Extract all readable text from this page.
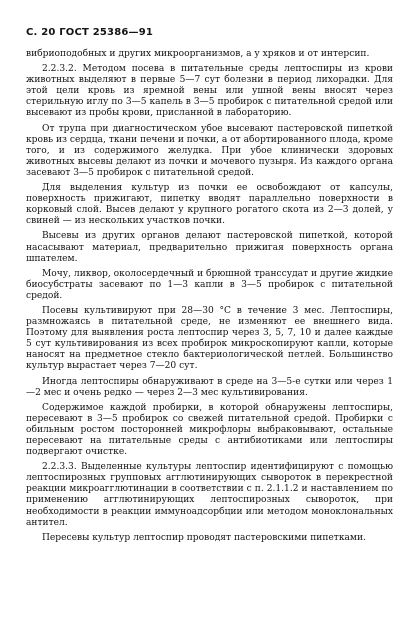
С. 20 ГОСТ 25386—91

вибриоподобных и других микроорганизмов, а у хряков и от интерсип.

2.2.3.2. Методом посева в питательные среды лептоспиры из крови животных выделяют в первые 5—7 сут болезни в период лихорадки. Для этой цели кровь из яремной вены или ушной вены вносят через стерильную иглу по 3—5 капель в 3—5 пробирок с питательной средой или высевают из пробы крови, присланной в лабораторию.

От трупа при диагностическом убое высевают пастеровской пипеткой кровь из сердца, ткани печени и почки, а от абортированного плода, кроме того, и из содержимого желудка. При убое клинически здоровых животных высевы делают из почки и мочевого пузыря. Из каждого органа засевают 3—5 пробирок с питательной средой.

Для выделения культур из почки ее освобождают от капсулы, поверхность прижигают, пипетку вводят параллельно поверхности в корковый слой. Высев делают у крупного рогатого скота из 2—3 долей, у свиней — из нескольких участков почки.

Высевы из других органов делают пастеровской пипеткой, которой насасывают материал, предварительно прижигая поверхность органа шпателем.

Мочу, ликвор, околосердечный и брюшной транссудат и другие жидкие биосубстраты засевают по 1—3 капли в 3—5 пробирок с питательной средой.

Посевы культивируют при 28—30 °С в течение 3 мес. Лептоспиры, размножаясь в питательной среде, не изменяют ее внешнего вида. Поэтому для выявления роста лептоспир через 3, 5, 7, 10 и далее каждые 5 сут культивирования из всех пробирок микроскопируют капли, которые наносят на предметное стекло бактериологической петлей. Большинство культур вырастает через 7—20 сут.

Иногда лептоспиры обнаруживают в среде на 3—5-е сутки или через 1—2 мес и очень редко — через 2—3 мес культивирования.

Содержимое каждой пробирки, в которой обнаружены лептоспиры, пересевают в 3—5 пробирок со свежей питательной средой. Пробирки с обильным ростом посторонней микрофлоры выбраковывают, остальные пересевают на питательные среды с антибиотиками или лептоспиры подвергают очистке.

2.2.3.3. Выделенные культуры лептоспир идентифицируют с помощью лептоспирозных групповых агглютинирующих сывороток в перекрестной реакции микроагглютинации в соответствии с п. 2.1.1.2 и наставлением по применению агглютинирующих лептоспирозных сывороток, при необходимости в реакции иммуноадсорбции или методом моноклональных антител.

Пересевы культур лептоспир проводят пастеровскими пипетками.
